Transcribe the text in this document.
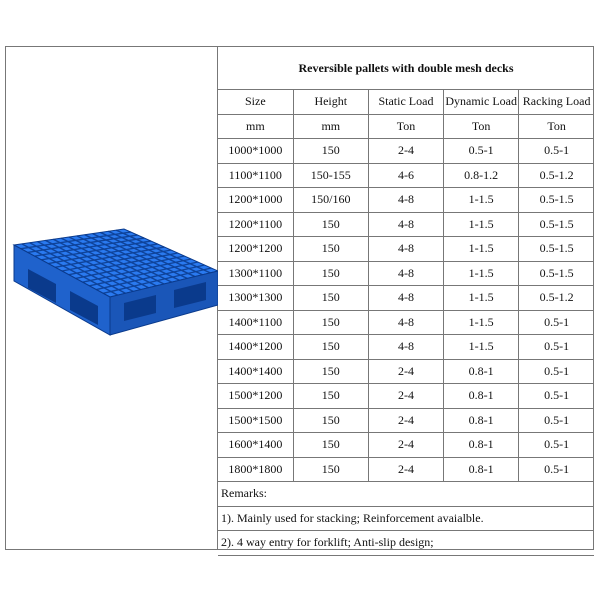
Reversible pallets with double mesh decks				
Size	Height	Static Load	Dynamic Load	Racking Load
mm	mm	Ton	Ton	Ton
1000*1000	150	2-4	0.5-1	0.5-1
1100*1100	150-155	4-6	0.8-1.2	0.5-1.2
1200*1000	150/160	4-8	1-1.5	0.5-1.5
1200*1100	150	4-8	1-1.5	0.5-1.5
1200*1200	150	4-8	1-1.5	0.5-1.5
1300*1100	150	4-8	1-1.5	0.5-1.5
1300*1300	150	4-8	1-1.5	0.5-1.2
1400*1100	150	4-8	1-1.5	0.5-1
1400*1200	150	4-8	1-1.5	0.5-1
1400*1400	150	2-4	0.8-1	0.5-1
1500*1200	150	2-4	0.8-1	0.5-1
1500*1500	150	2-4	0.8-1	0.5-1
1600*1400	150	2-4	0.8-1	0.5-1
1800*1800	150	2-4	0.8-1	0.5-1
Remarks:				
1). Mainly used for stacking; Reinforcement avaialble.				
2). 4 way entry for forklift; Anti-slip design;				
